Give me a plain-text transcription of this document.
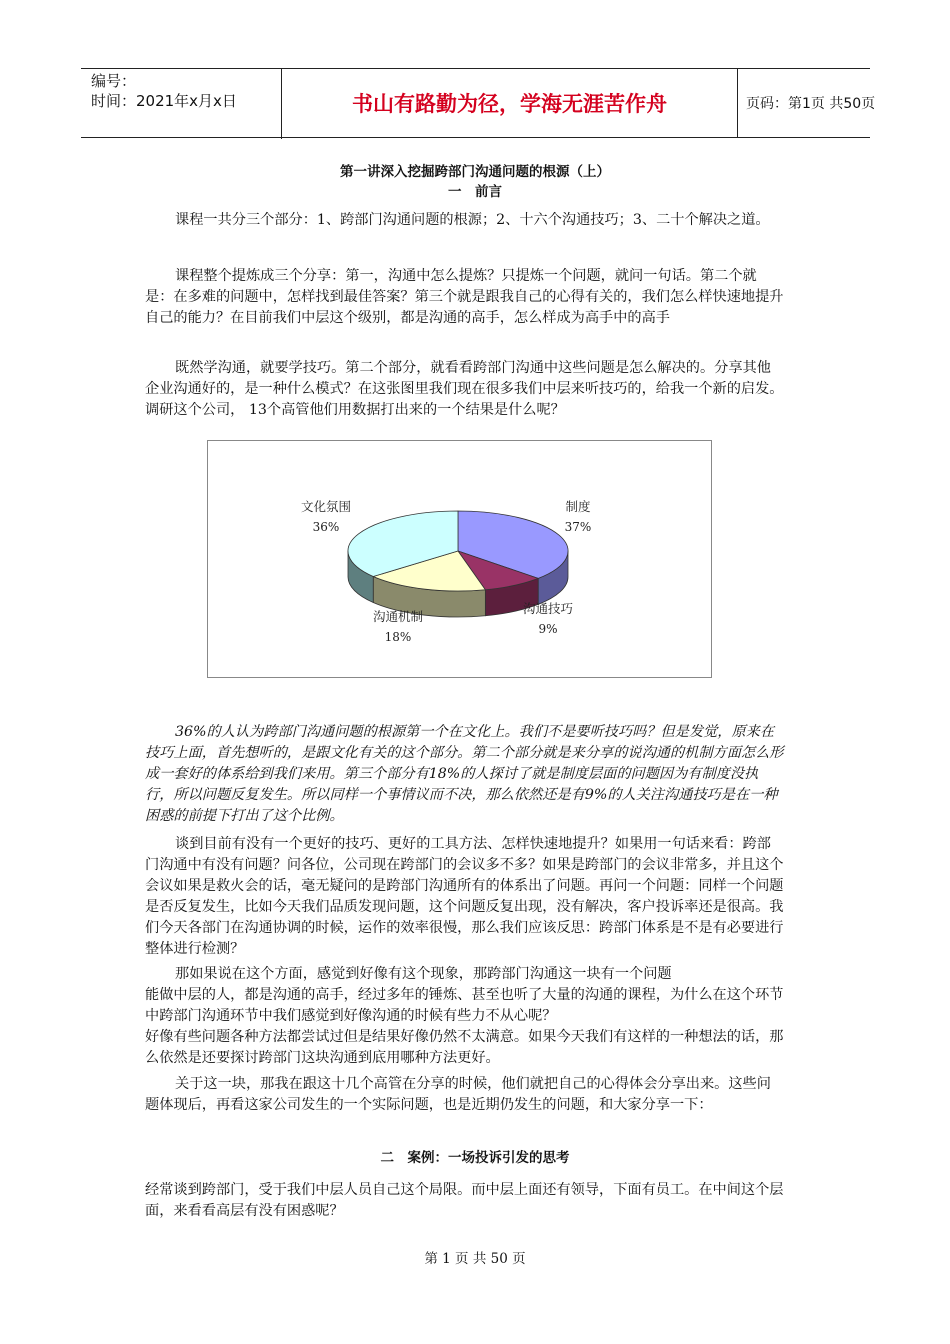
编号：
时间：2021年x月x日	书山有路勤为径，学海无涯苦作舟	页码：第1页 共50页
第一讲深入挖掘跨部门沟通问题的根源（上）
一　前言

课程一共分三个部分：1、跨部门沟通问题的根源；2、十六个沟通技巧；3、二十个解决之道。

课程整个提炼成三个分享：第一，沟通中怎么提炼？只提炼一个问题，就问一句话。第二个就是：在多难的问题中，怎样找到最佳答案？第三个就是跟我自己的心得有关的，我们怎么样快速地提升自己的能力？在目前我们中层这个级别，都是沟通的高手，怎么样成为高手中的高手

既然学沟通，就要学技巧。第二个部分，就看看跨部门沟通中这些问题是怎么解决的。分享其他企业沟通好的，是一种什么模式？在这张图里我们现在很多我们中层来听技巧的，给我一个新的启发。调研这个公司， 13个高管他们用数据打出来的一个结果是什么呢？

制度
37%
沟通技巧
9%
沟通机制
18%
文化氛围
36%

36%的人认为跨部门沟通问题的根源第一个在文化上。我们不是要听技巧吗？但是发觉，原来在技巧上面，首先想听的，是跟文化有关的这个部分。第二个部分就是来分享的说沟通的机制方面怎么形成一套好的体系给到我们来用。第三个部分有18%的人探讨了就是制度层面的问题因为有制度没执行，所以问题反复发生。所以同样一个事情议而不决，那么依然还是有9%的人关注沟通技巧是在一种困惑的前提下打出了这个比例。

谈到目前有没有一个更好的技巧、更好的工具方法、怎样快速地提升？如果用一句话来看：跨部门沟通中有没有问题？问各位，公司现在跨部门的会议多不多？如果是跨部门的会议非常多，并且这个会议如果是救火会的话，毫无疑问的是跨部门沟通所有的体系出了问题。再问一个问题：同样一个问题是否反复发生，比如今天我们品质发现问题，这个问题反复出现，没有解决，客户投诉率还是很高。我们今天各部门在沟通协调的时候，运作的效率很慢，那么我们应该反思：跨部门体系是不是有必要进行整体进行检测？

那如果说在这个方面，感觉到好像有这个现象，那跨部门沟通这一块有一个问题

能做中层的人，都是沟通的高手，经过多年的锤炼、甚至也听了大量的沟通的课程，为什么在这个环节中跨部门沟通环节中我们感觉到好像沟通的时候有些力不从心呢？

好像有些问题各种方法都尝试过但是结果好像仍然不太满意。如果今天我们有这样的一种想法的话，那么依然是还要探讨跨部门这块沟通到底用哪种方法更好。

关于这一块，那我在跟这十几个高管在分享的时候，他们就把自己的心得体会分享出来。这些问题体现后，再看这家公司发生的一个实际问题，也是近期仍发生的问题，和大家分享一下：

二　案例：一场投诉引发的思考

经常谈到跨部门，受于我们中层人员自己这个局限。而中层上面还有领导，下面有员工。在中间这个层面，来看看高层有没有困惑呢？

第 1 页 共 50 页
